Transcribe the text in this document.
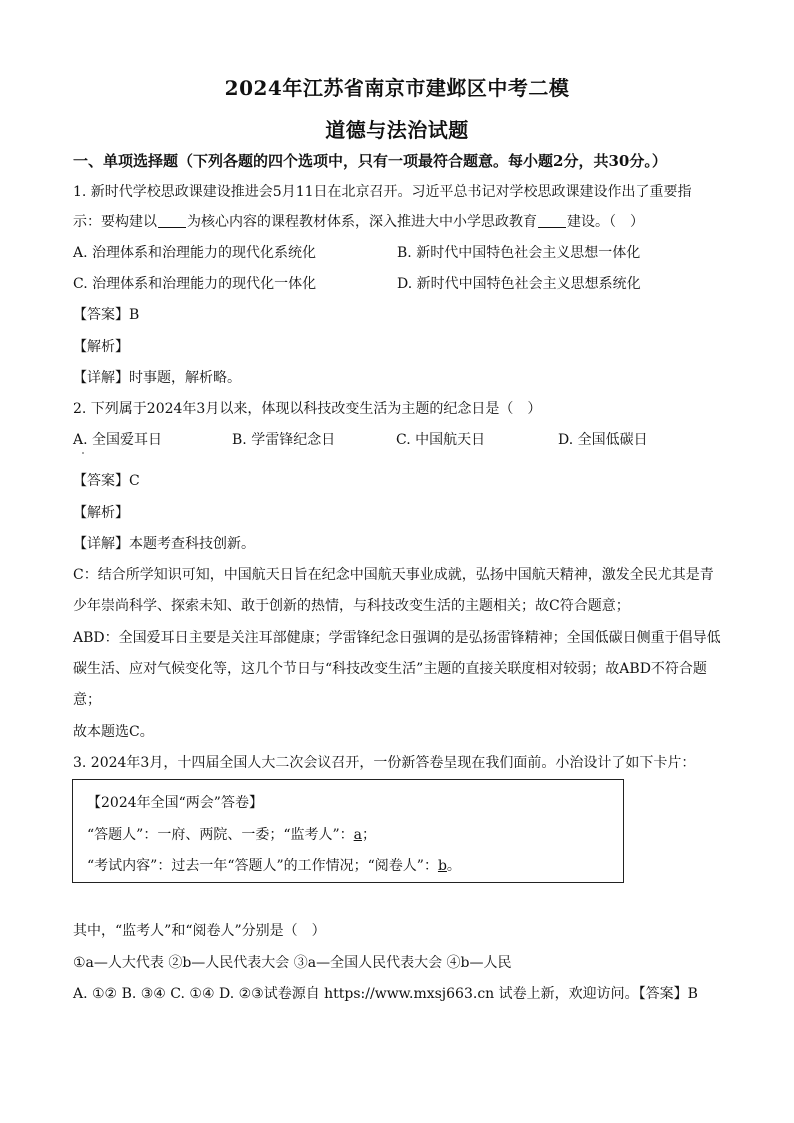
2024年江苏省南京市建邺区中考二模
道德与法治试题
一、单项选择题（下列各题的四个选项中，只有一项最符合题意。每小题2分，共30分。）
1. 新时代学校思政课建设推进会5月11日在北京召开。习近平总书记对学校思政课建设作出了重要指
示：要构建以 为核心内容的课程教材体系，深入推进大中小学思政教育 建设。（　）
A. 治理体系和治理能力的现代化系统化	B. 新时代中国特色社会主义思想一体化
C. 治理体系和治理能力的现代化一体化	D. 新时代中国特色社会主义思想系统化
【答案】B
【解析】
【详解】时事题，解析略。
2. 下列属于2024年3月以来，体现以科技改变生活为主题的纪念日是（　）
A. 全国爱耳日	B. 学雷锋纪念日	C. 中国航天日	D. 全国低碳日
【答案】C
【解析】
【详解】本题考查科技创新。
C：结合所学知识可知，中国航天日旨在纪念中国航天事业成就，弘扬中国航天精神，激发全民尤其是青
少年崇尚科学、探索未知、敢于创新的热情，与科技改变生活的主题相关；故C符合题意；
ABD：全国爱耳日主要是关注耳部健康；学雷锋纪念日强调的是弘扬雷锋精神；全国低碳日侧重于倡导低
碳生活、应对气候变化等，这几个节日与“科技改变生活”主题的直接关联度相对较弱；故ABD不符合题
意；
故本题选C。
3. 2024年3月，十四届全国人大二次会议召开，一份新答卷呈现在我们面前。小治设计了如下卡片：
【2024年全国“两会”答卷】
“答题人”：一府、两院、一委；“监考人”：a；
“考试内容”：过去一年“答题人”的工作情况；“阅卷人”：b。
其中，“监考人”和“阅卷人”分别是（　）
①a—人大代表 ②b—人民代表大会 ③a—全国人民代表大会 ④b—人民
A. ①② B. ③④ C. ①④ D. ②③试卷源自 https://www.mxsj663.cn 试卷上新，欢迎访问。【答案】B
